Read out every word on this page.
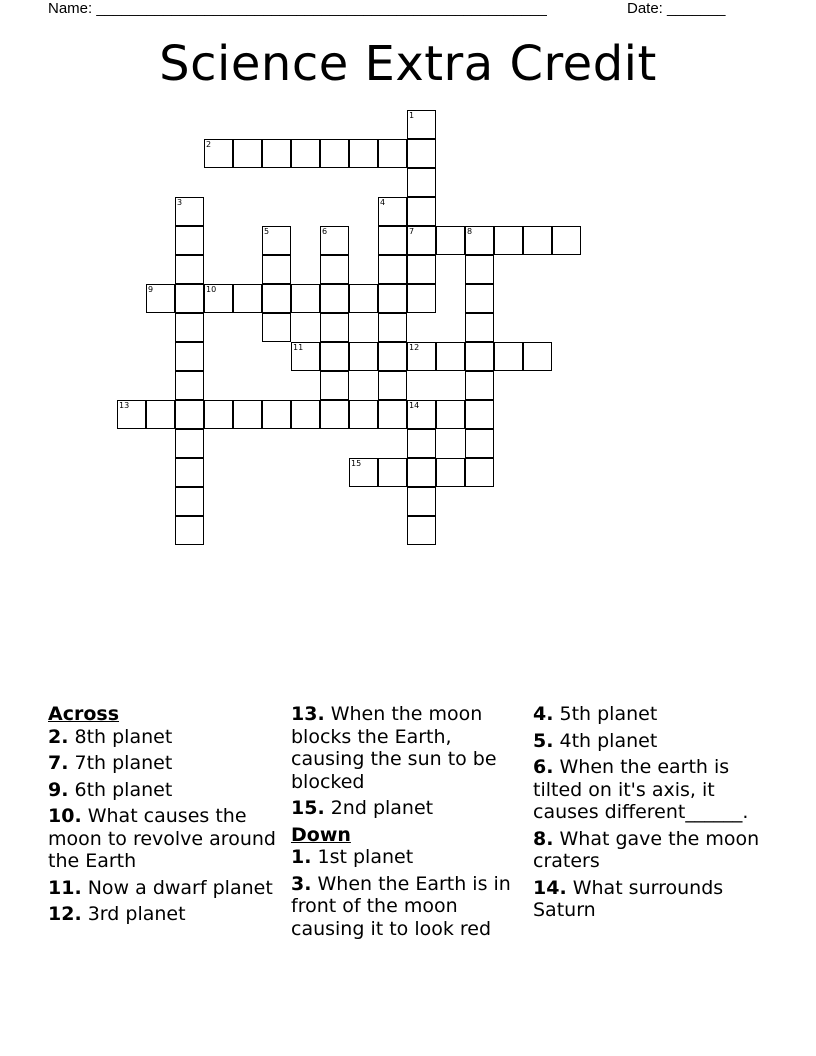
Name: ______________________________________________________	Date: _______
Science Extra Credit
1
7
2
8
3
5	6
4
9	10
11	12
13	14
15
Across
2. 8th planet
7. 7th planet
9. 6th planet
10. What causes the moon to revolve around the Earth
11. Now a dwarf planet
12. 3rd planet
13. When the moon blocks the Earth, causing the sun to be blocked
15. 2nd planet
Down
1. 1st planet
3. When the Earth is in front of the moon causing it to look red
4. 5th planet
5. 4th planet
6. When the earth is tilted on it's axis, it causes different______.
8. What gave the moon craters
14. What surrounds Saturn
